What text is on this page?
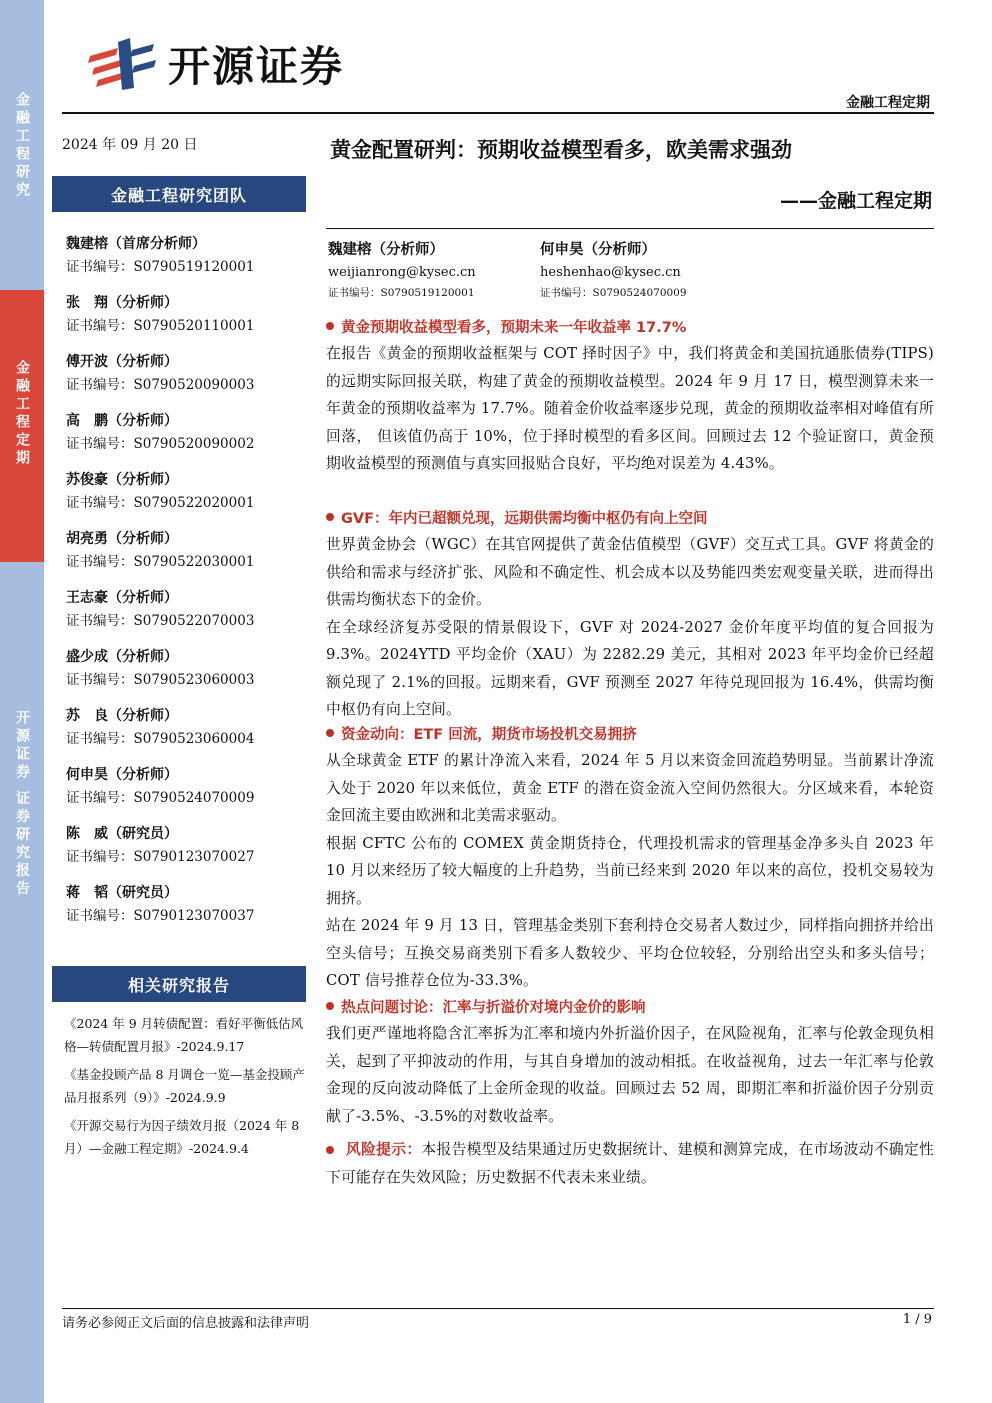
金融工程研究
金融工程定期
开源证券 证券研究报告
开源证券
金融工程定期
2024 年 09 月 20 日
金融工程研究团队
魏建榕（首席分析师）
证书编号：S0790519120001
张　翔（分析师）
证书编号：S0790520110001
傅开波（分析师）
证书编号：S0790520090003
高　鹏（分析师）
证书编号：S0790520090002
苏俊豪（分析师）
证书编号：S0790522020001
胡亮勇（分析师）
证书编号：S0790522030001
王志豪（分析师）
证书编号：S0790522070003
盛少成（分析师）
证书编号：S0790523060003
苏　良（分析师）
证书编号：S0790523060004
何申昊（分析师）
证书编号：S0790524070009
陈　威（研究员）
证书编号：S0790123070027
蒋　韬（研究员）
证书编号：S0790123070037
相关研究报告
《2024 年 9 月转债配置：看好平衡低估风格—转债配置月报》-2024.9.17
《基金投顾产品 8 月调仓一览—基金投顾产品月报系列（9）》-2024.9.9
《开源交易行为因子绩效月报（2024 年 8 月）—金融工程定期》-2024.9.4
黄金配置研判：预期收益模型看多，欧美需求强劲
——金融工程定期
魏建榕（分析师）
weijianrong@kysec.cn
证书编号：S0790519120001
何申昊（分析师）
heshenhao@kysec.cn
证书编号：S0790524070009
黄金预期收益模型看多，预期未来一年收益率 17.7%

在报告《黄金的预期收益框架与 COT 择时因子》中，我们将黄金和美国抗通胀债券(TIPS)的远期实际回报关联，构建了黄金的预期收益模型。2024 年 9 月 17 日，模型测算未来一年黄金的预期收益率为 17.7%。随着金价收益率逐步兑现，黄金的预期收益率相对峰值有所回落， 但该值仍高于 10%，位于择时模型的看多区间。回顾过去 12 个验证窗口，黄金预期收益模型的预测值与真实回报贴合良好，平均绝对误差为 4.43%。

GVF：年内已超额兑现，远期供需均衡中枢仍有向上空间

世界黄金协会（WGC）在其官网提供了黄金估值模型（GVF）交互式工具。GVF 将黄金的供给和需求与经济扩张、风险和不确定性、机会成本以及势能四类宏观变量关联，进而得出供需均衡状态下的金价。

在全球经济复苏受限的情景假设下，GVF 对 2024-2027 金价年度平均值的复合回报为 9.3%。2024YTD 平均金价（XAU）为 2282.29 美元，其相对 2023 年平均金价已经超额兑现了 2.1%的回报。远期来看，GVF 预测至 2027 年待兑现回报为 16.4%，供需均衡中枢仍有向上空间。

资金动向：ETF 回流，期货市场投机交易拥挤

从全球黄金 ETF 的累计净流入来看，2024 年 5 月以来资金回流趋势明显。当前累计净流入处于 2020 年以来低位，黄金 ETF 的潜在资金流入空间仍然很大。分区域来看，本轮资金回流主要由欧洲和北美需求驱动。

根据 CFTC 公布的 COMEX 黄金期货持仓，代理投机需求的管理基金净多头自 2023 年 10 月以来经历了较大幅度的上升趋势，当前已经来到 2020 年以来的高位，投机交易较为拥挤。

站在 2024 年 9 月 13 日，管理基金类别下套利持仓交易者人数过少，同样指向拥挤并给出空头信号；互换交易商类别下看多人数较少、平均仓位较轻，分别给出空头和多头信号；COT 信号推荐仓位为-33.3%。

热点问题讨论：汇率与折溢价对境内金价的影响

我们更严谨地将隐含汇率拆为汇率和境内外折溢价因子，在风险视角，汇率与伦敦金现负相关，起到了平抑波动的作用，与其自身增加的波动相抵。在收益视角，过去一年汇率与伦敦金现的反向波动降低了上金所金现的收益。回顾过去 52 周，即期汇率和折溢价因子分别贡献了-3.5%、-3.5%的对数收益率。

风险提示：本报告模型及结果通过历史数据统计、建模和测算完成，在市场波动不确定性下可能存在失效风险；历史数据不代表未来业绩。

请务必参阅正文后面的信息披露和法律声明	1 / 9
